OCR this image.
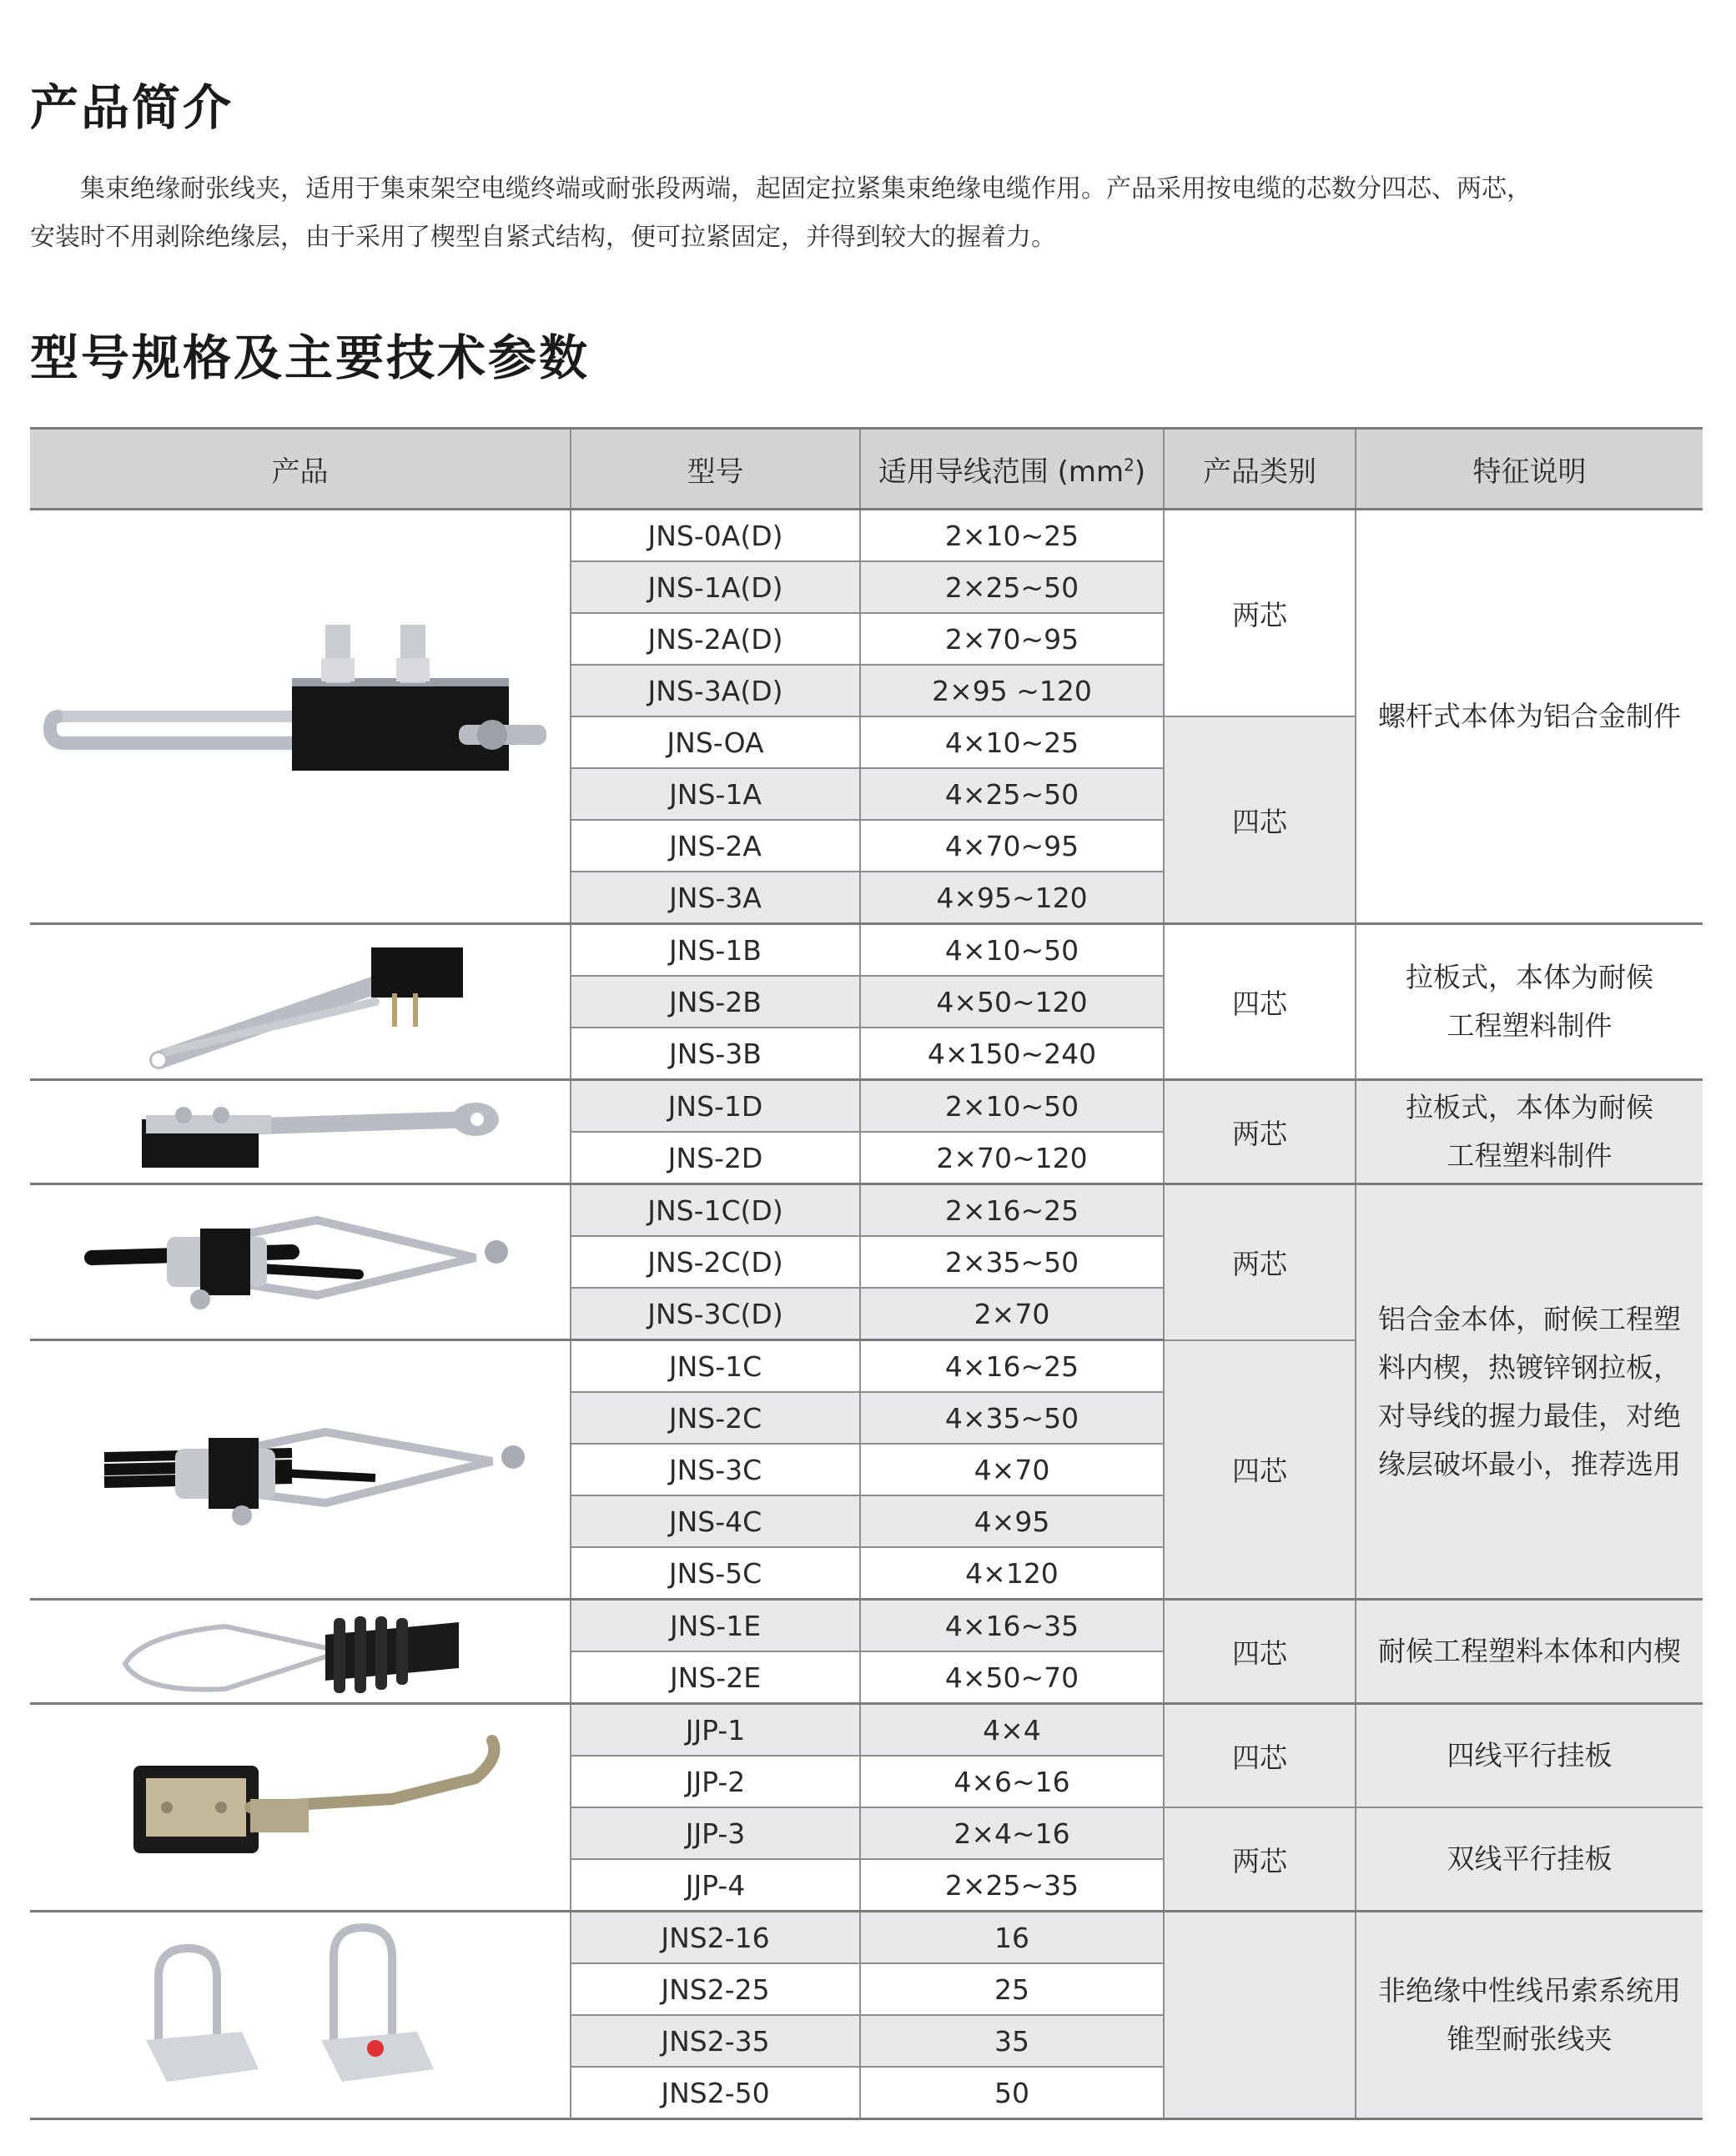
产品简介

集束绝缘耐张线夹，适用于集束架空电缆终端或耐张段两端，起固定拉紧集束绝缘电缆作用。产品采用按电缆的芯数分四芯、两芯，

安装时不用剥除绝缘层，由于采用了楔型自紧式结构，便可拉紧固定，并得到较大的握着力。
型号规格及主要技术参数
产品	型号	适用导线范围 $(mm^2)$	产品类别	特征说明

	JNS-0A(D)	2×10~25	两芯	螺杆式本体为铝合金制件
	JNS-1A(D)	2×25~50		
	JNS-2A(D)	2×70~95		
	JNS-3A(D)	2×95 ~120		
	JNS-OA	4×10~25	四芯	
	JNS-1A	4×25~50		
	JNS-2A	4×70~95		
	JNS-3A	4×95~120		

	JNS-1B	4×10~50	四芯	拉板式，本体为耐候
工程塑料制件

	JNS-2B	4×50~120		
	JNS-3B	4×150~240		

	JNS-1D	2×10~50	两芯	拉板式，本体为耐候
工程塑料制件

	JNS-2D	2×70~120		

	JNS-1C(D)	2×16~25	两芯	铝合金本体，耐候工程塑
料内楔，热镀锌钢拉板，
对导线的握力最佳，对绝
缘层破坏最小，推荐选用

	JNS-2C(D)	2×35~50		
	JNS-3C(D)	2×70		

	JNS-1C	4×16~25	四芯	
	JNS-2C	4×35~50		
	JNS-3C	4×70		
	JNS-4C	4×95		
	JNS-5C	4×120		

	JNS-1E	4×16~35	四芯	耐候工程塑料本体和内楔
	JNS-2E	4×50~70		

	JJP-1	4×4	四芯	四线平行挂板
	JJP-2	4×6~16		
	JJP-3	2×4~16	两芯	双线平行挂板
	JJP-4	2×25~35		

	JNS2-16	16		非绝缘中性线吊索系统用
锥型耐张线夹

	JNS2-25	25		
	JNS2-35	35		
	JNS2-50	50		
